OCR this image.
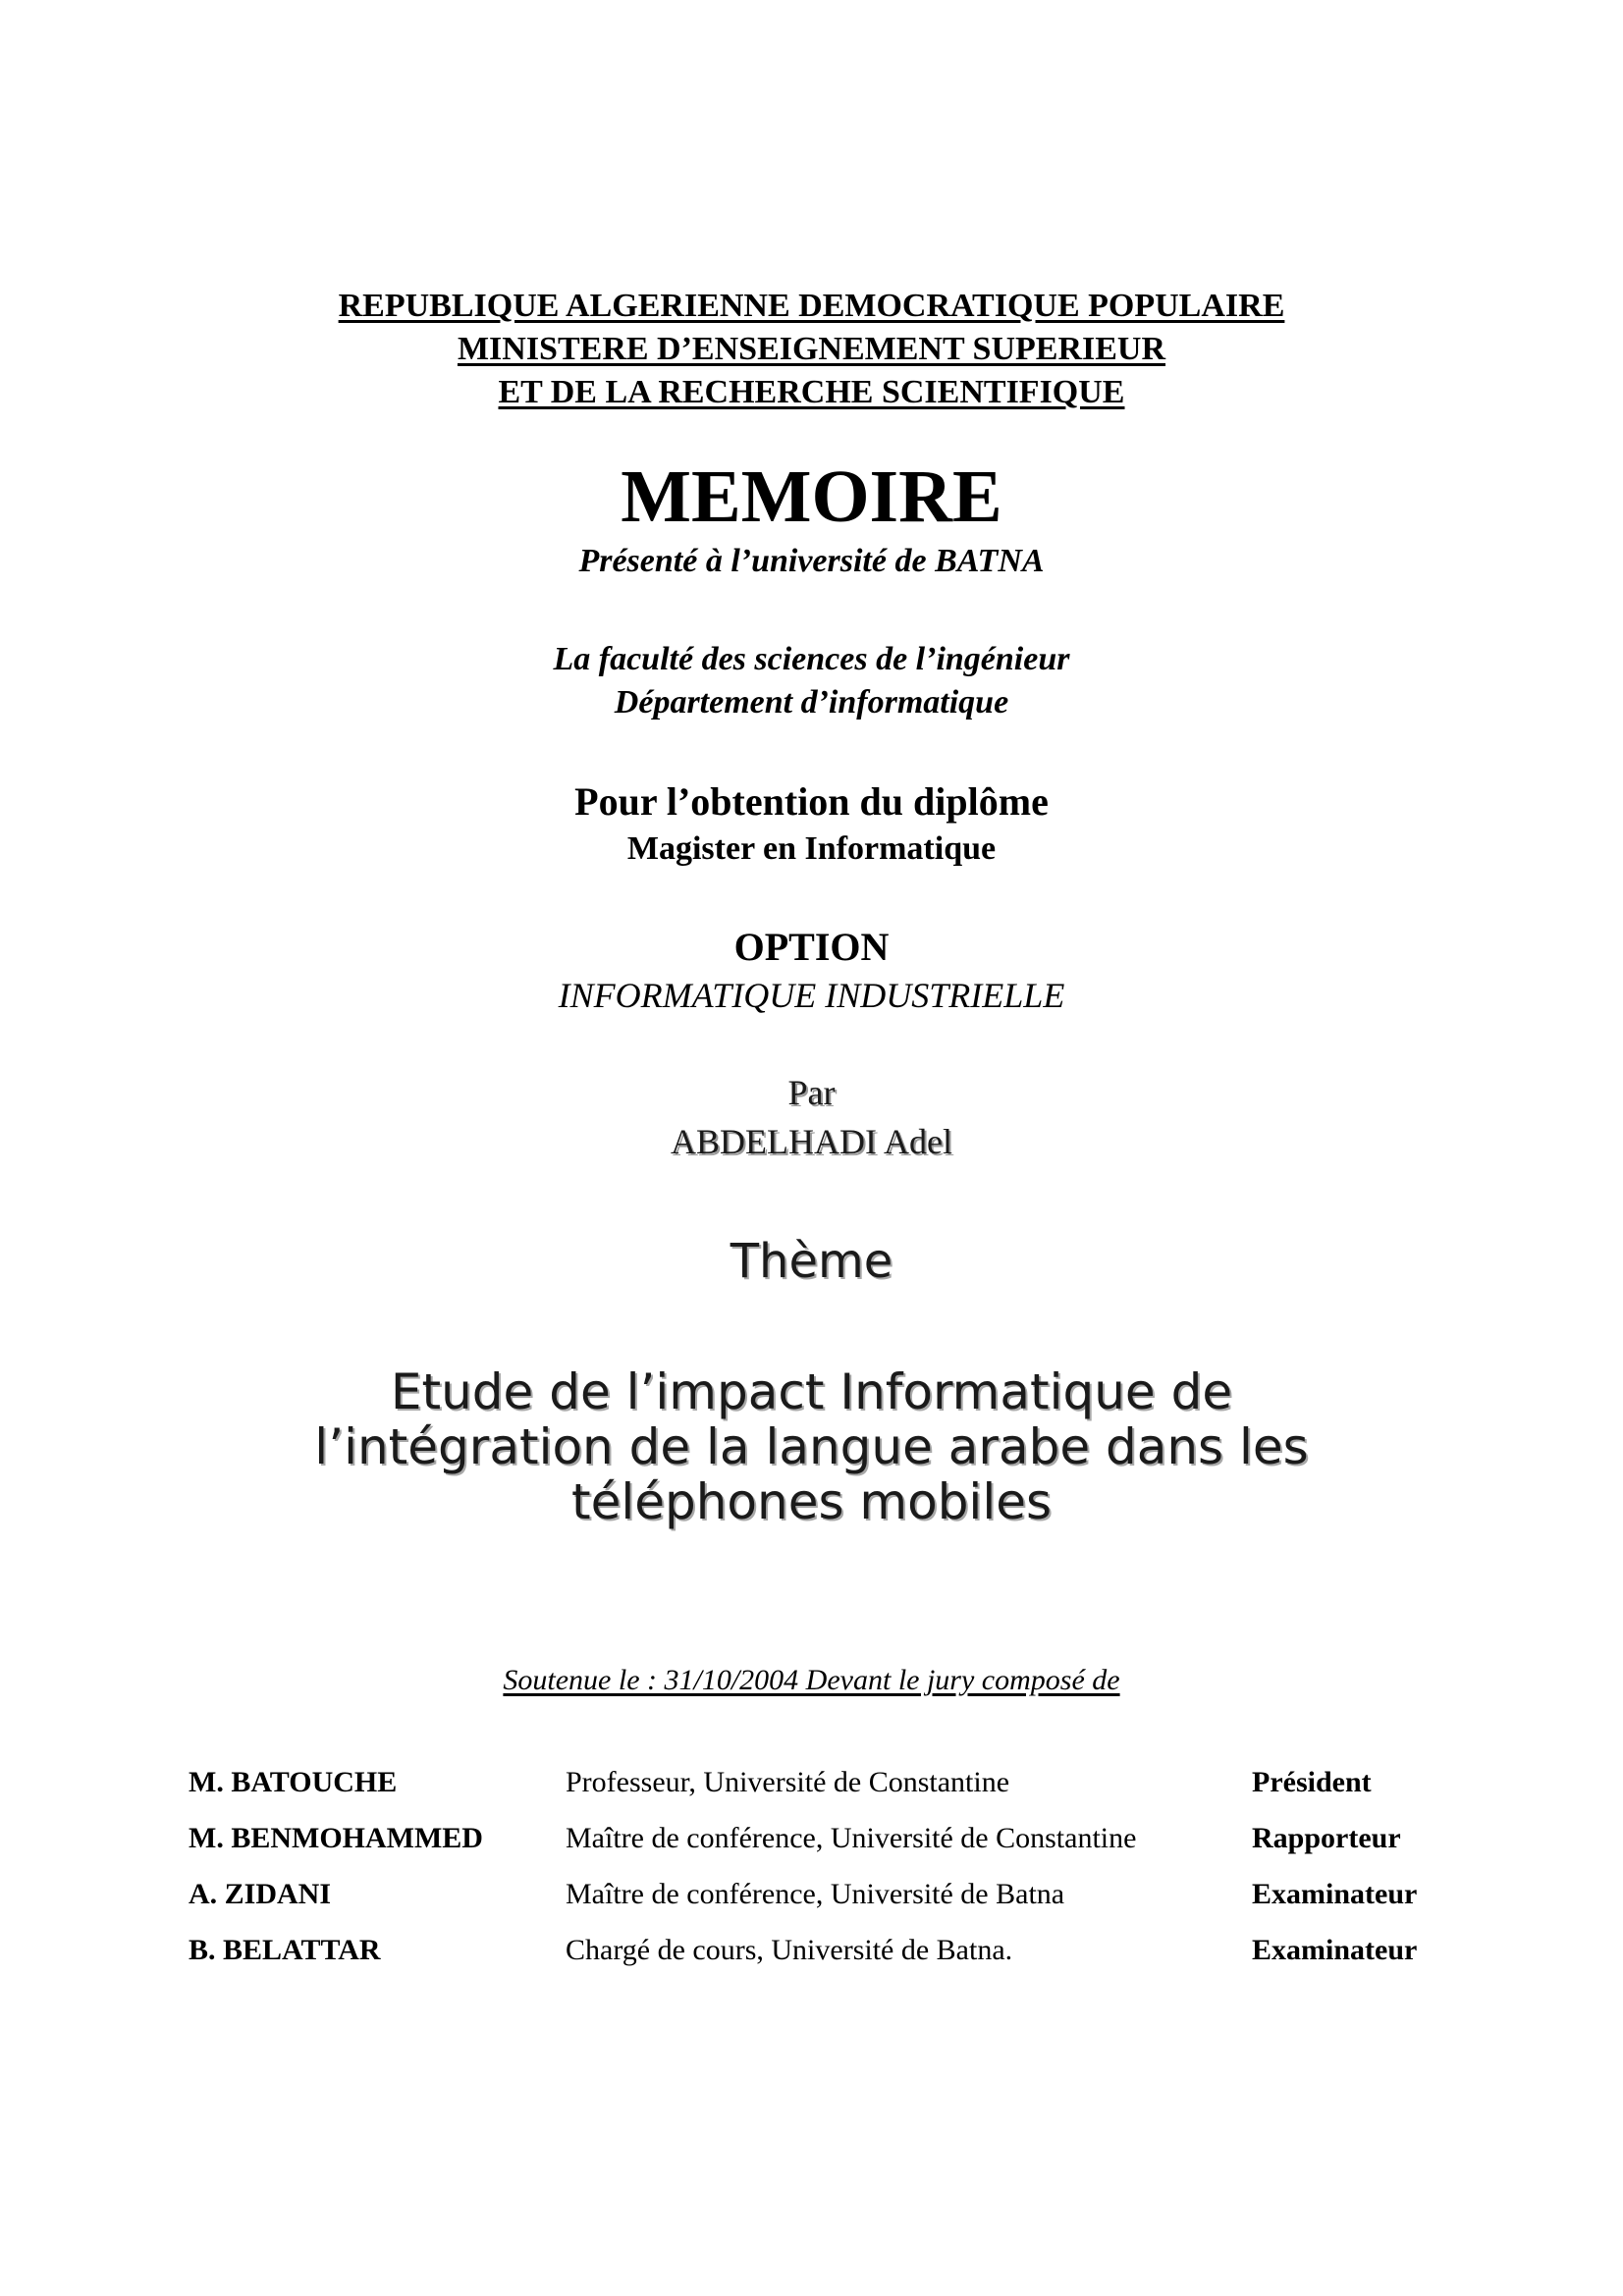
REPUBLIQUE ALGERIENNE DEMOCRATIQUE POPULAIRE
MINISTERE D’ENSEIGNEMENT SUPERIEUR
ET DE LA RECHERCHE SCIENTIFIQUE
MEMOIRE
Présenté à l’université de BATNA
La faculté des sciences de l’ingénieur
Département d’informatique
Pour l’obtention du diplôme
Magister en Informatique
OPTION
INFORMATIQUE INDUSTRIELLE
Par
ABDELHADI Adel
Thème
Etude de l’impact Informatique de
l’intégration de la langue arabe dans les
téléphones mobiles
Soutenue le : 31/10/2004 Devant le jury composé de
M. BATOUCHE	Professeur, Université de Constantine	Président
M. BENMOHAMMED	Maître de conférence, Université de Constantine	Rapporteur
A. ZIDANI	Maître de conférence, Université de Batna	Examinateur
B. BELATTAR	Chargé de cours, Université de Batna.	Examinateur
